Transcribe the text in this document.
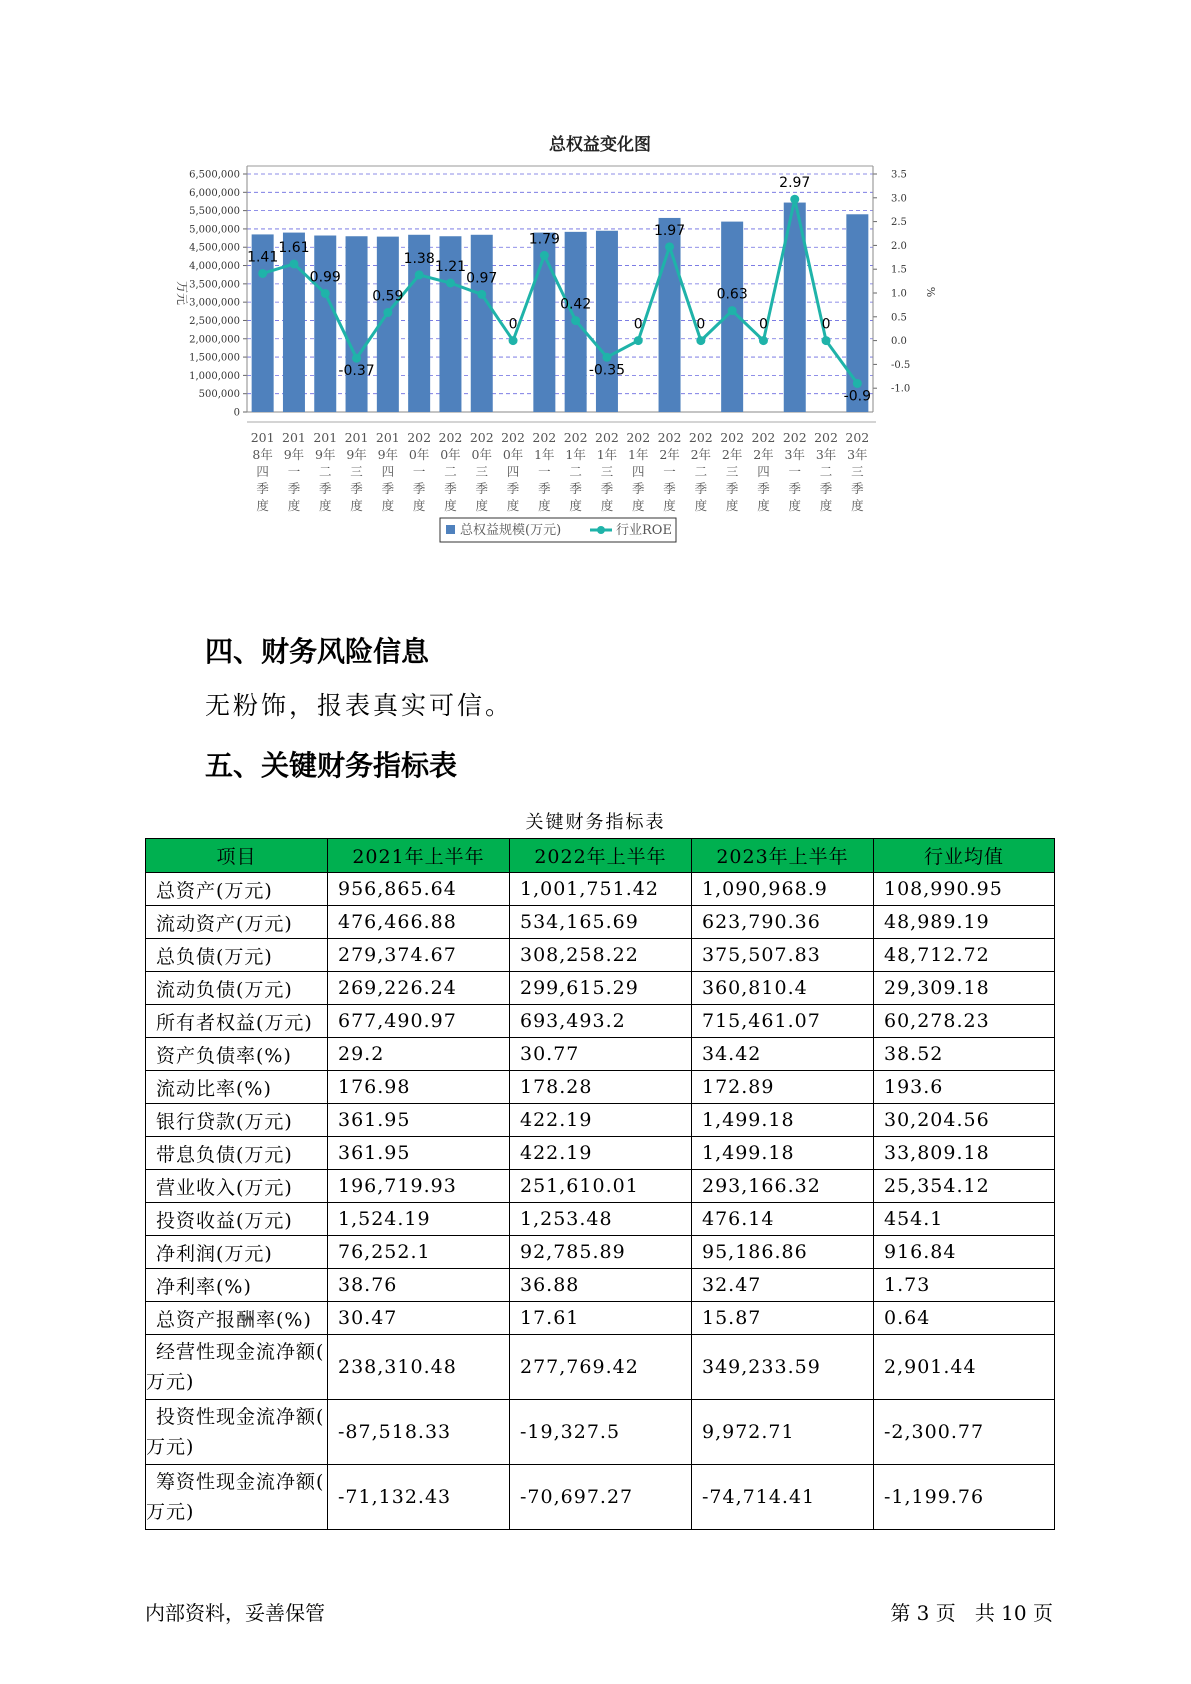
总权益变化图
0
500,000
1,000,000
1,500,000
2,000,000
2,500,000
3,000,000
3,500,000
4,000,000
4,500,000
5,000,000
5,500,000
6,000,000
6,500,000
-1.0
-0.5
0.0
0.5
1.0
1.5
2.0
2.5
3.0
3.5
万元	%
201
8年
四
季
度
201
9年
一
季
度
201
9年
二
季
度
201
9年
三
季
度
201
9年
四
季
度
202
0年
一
季
度
202
0年
二
季
度
202
0年
三
季
度
202
0年
四
季
度
202
1年
一
季
度
202
1年
二
季
度
202
1年
三
季
度
202
1年
四
季
度
202
2年
一
季
度
202
2年
二
季
度
202
2年
三
季
度
202
2年
四
季
度
202
3年
一
季
度
202
3年
二
季
度
202
3年
三
季
度
1.41
1.61
0.99
-0.37
0.59
1.38
1.21
0.97
0
1.79
0.42
-0.35
0
1.97
0
0.63
0
2.97
0
-0.9
总权益规模(万元)	行业ROE
四、财务风险信息

无粉饰，报表真实可信。

五、关键财务指标表
关键财务指标表
项目	2021年上半年	2022年上半年	2023年上半年	行业均值
总资产(万元)	956,865.64	1,001,751.42	1,090,968.9	108,990.95
流动资产(万元)	476,466.88	534,165.69	623,790.36	48,989.19
总负债(万元)	279,374.67	308,258.22	375,507.83	48,712.72
流动负债(万元)	269,226.24	299,615.29	360,810.4	29,309.18
所有者权益(万元)	677,490.97	693,493.2	715,461.07	60,278.23
资产负债率(%)	29.2	30.77	34.42	38.52
流动比率(%)	176.98	178.28	172.89	193.6
银行贷款(万元)	361.95	422.19	1,499.18	30,204.56
带息负债(万元)	361.95	422.19	1,499.18	33,809.18
营业收入(万元)	196,719.93	251,610.01	293,166.32	25,354.12
投资收益(万元)	1,524.19	1,253.48	476.14	454.1
净利润(万元)	76,252.1	92,785.89	95,186.86	916.84
净利率(%)	38.76	36.88	32.47	1.73
总资产报酬率(%)	30.47	17.61	15.87	0.64

经营性现金流净额(
万元)	238,310.48	277,769.42	349,233.59	2,901.44

投资性现金流净额(
万元)	-87,518.33	-19,327.5	9,972.71	-2,300.77

筹资性现金流净额(
万元)	-71,132.43	-70,697.27	-74,714.41	-1,199.76
内部资料，妥善保管	第 3 页   共 10 页
